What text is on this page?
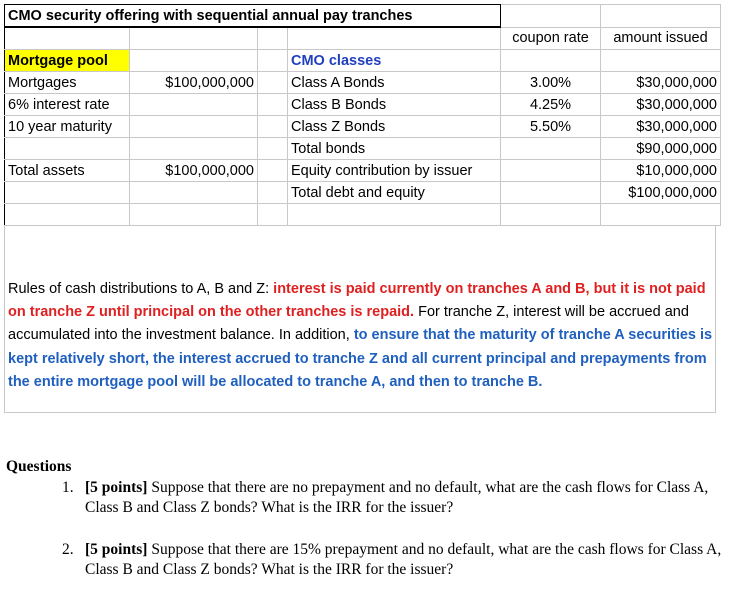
CMO security offering with sequential annual pay tranches					
				coupon rate	amount issued
Mortgage pool			CMO classes		
Mortgages	$100,000,000		Class A Bonds	3.00%	$30,000,000
6% interest rate			Class B Bonds	4.25%	$30,000,000
10 year maturity			Class Z Bonds	5.50%	$30,000,000
			Total bonds		$90,000,000
Total assets	$100,000,000		Equity contribution by issuer		$10,000,000
			Total debt and equity		$100,000,000

Rules of cash distributions to A, B and Z: interest is paid currently on tranches A and B, but it is not paid on tranche Z until principal on the other tranches is repaid. For tranche Z, interest will be accrued and accumulated into the investment balance. In addition, to ensure that the maturity of tranche A securities is kept relatively short, the interest accrued to tranche Z and all current principal and prepayments from the entire mortgage pool will be allocated to tranche A, and then to tranche B.
Questions
1. [5 points] Suppose that there are no prepayment and no default, what are the cash flows for Class A, Class B and Class Z bonds? What is the IRR for the issuer?
2. [5 points] Suppose that there are 15% prepayment and no default, what are the cash flows for Class A, Class B and Class Z bonds? What is the IRR for the issuer?
